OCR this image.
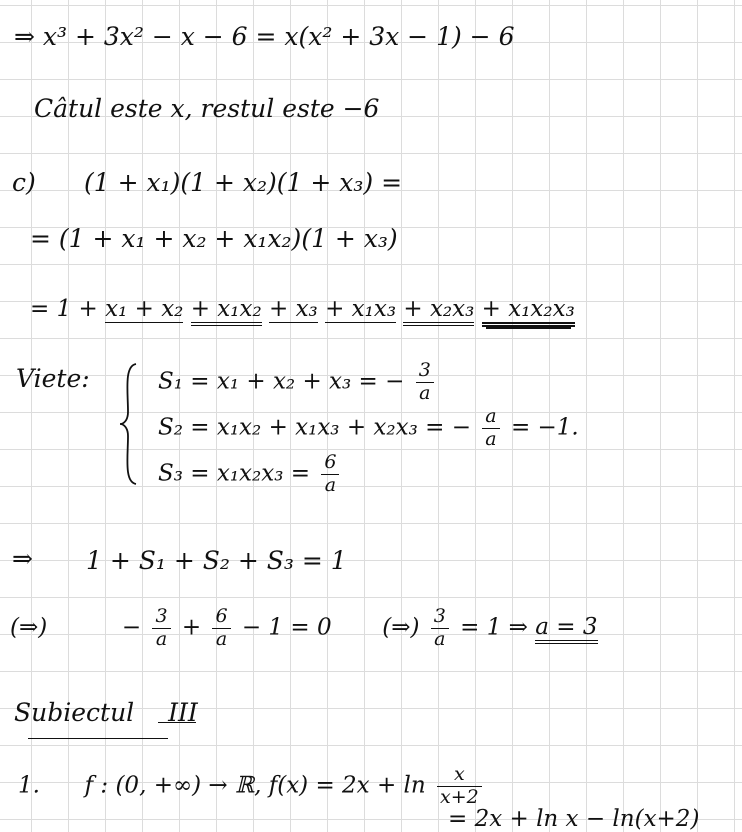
⇒ x³ + 3x² − x − 6 = x(x² + 3x − 1) − 6
Câtul este x, restul este −6
c) (1 + x₁)(1 + x₂)(1 + x₃) =
= (1 + x₁ + x₂ + x₁x₂)(1 + x₃)
= 1 + x₁ + x₂ + x₁x₂ + x₃ + x₁x₃ + x₂x₃ + x₁x₂x₃
Viete:	S₁ = x₁ + x₂ + x₃ = − $\frac{3}{a}$
S₂ = x₁x₂ + x₁x₃ + x₂x₃ = − $\frac{a}{a} = -1$.
$S_3 = x_1x_2x_3 = \frac{6}{a}$
⇒ 1 + S₁ + S₂ + S₃ = 1
(⇒)	− $\frac{3}{a} + \frac{6}{a} - 1 = 0$ (⇒) $\frac{3}{a} = 1$ ⇒ a = 3
Subiectul III
1. f : (0, +∞) → ℝ, $f(x) = 2x + \ln \frac{x}{x+2}$
= 2x + ln x − ln(x+2)
